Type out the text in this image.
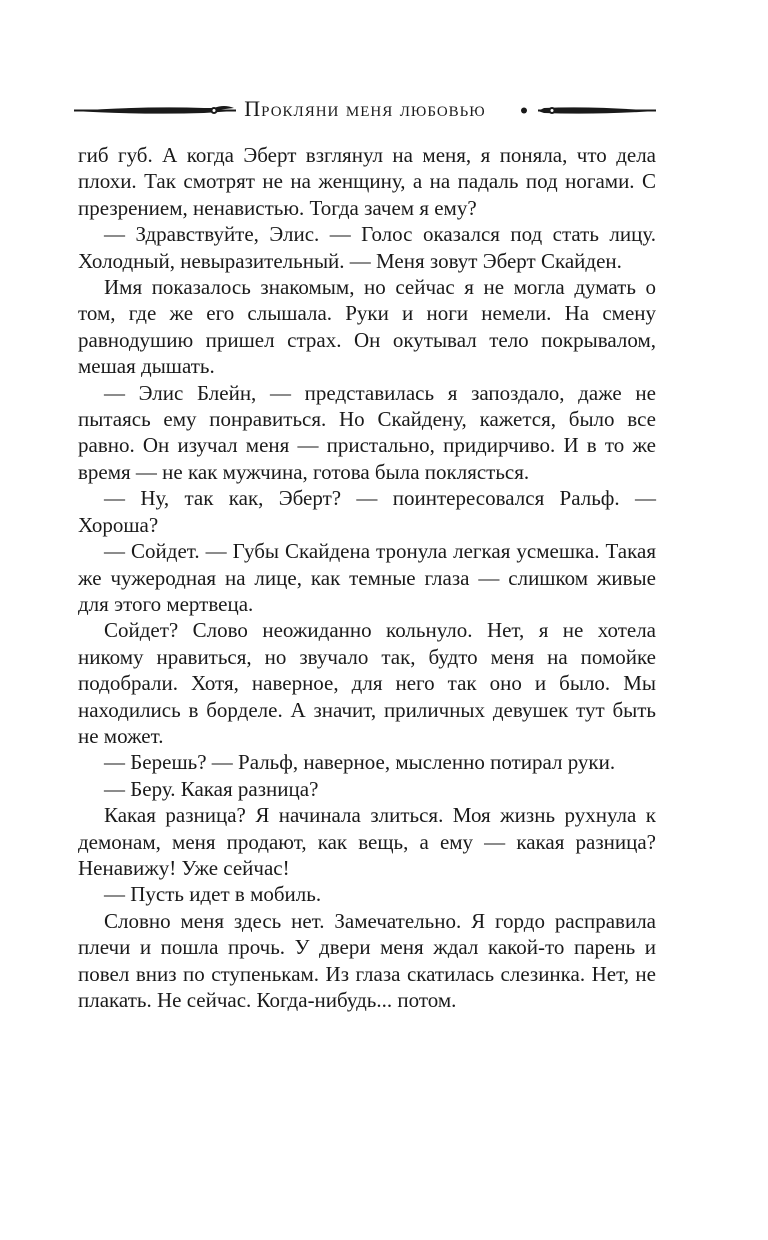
Прокляни меня любовью

гиб губ. А когда Эберт взглянул на меня, я поняла, что дела плохи. Так смотрят не на женщину, а на падаль под ногами. С презрением, ненавистью. Тогда зачем я ему?

— Здравствуйте, Элис. — Голос оказался под стать лицу. Холодный, невыразительный. — Меня зовут Эберт Скайден.

Имя показалось знакомым, но сейчас я не могла думать о том, где же его слышала. Руки и ноги немели. На смену равнодушию пришел страх. Он окутывал тело покрывалом, мешая дышать.

— Элис Блейн, — представилась я запоздало, даже не пытаясь ему понравиться. Но Скайдену, кажется, было все равно. Он изучал меня — пристально, придирчиво. И в то же время — не как мужчина, готова была поклясться.

— Ну, так как, Эберт? — поинтересовался Ральф. — Хороша?

— Сойдет. — Губы Скайдена тронула легкая усмешка. Такая же чужеродная на лице, как темные глаза — слишком живые для этого мертвеца.

Сойдет? Слово неожиданно кольнуло. Нет, я не хотела никому нравиться, но звучало так, будто меня на помойке подобрали. Хотя, наверное, для него так оно и было. Мы находились в борделе. А значит, приличных девушек тут быть не может.

— Берешь? — Ральф, наверное, мысленно потирал руки.

— Беру. Какая разница?

Какая разница? Я начинала злиться. Моя жизнь рухнула к демонам, меня продают, как вещь, а ему — какая разница? Ненавижу! Уже сейчас!

— Пусть идет в мобиль.

Словно меня здесь нет. Замечательно. Я гордо расправила плечи и пошла прочь. У двери меня ждал какой-то парень и повел вниз по ступенькам. Из глаза скатилась слезинка. Нет, не плакать. Не сейчас. Когда-нибудь... потом.
